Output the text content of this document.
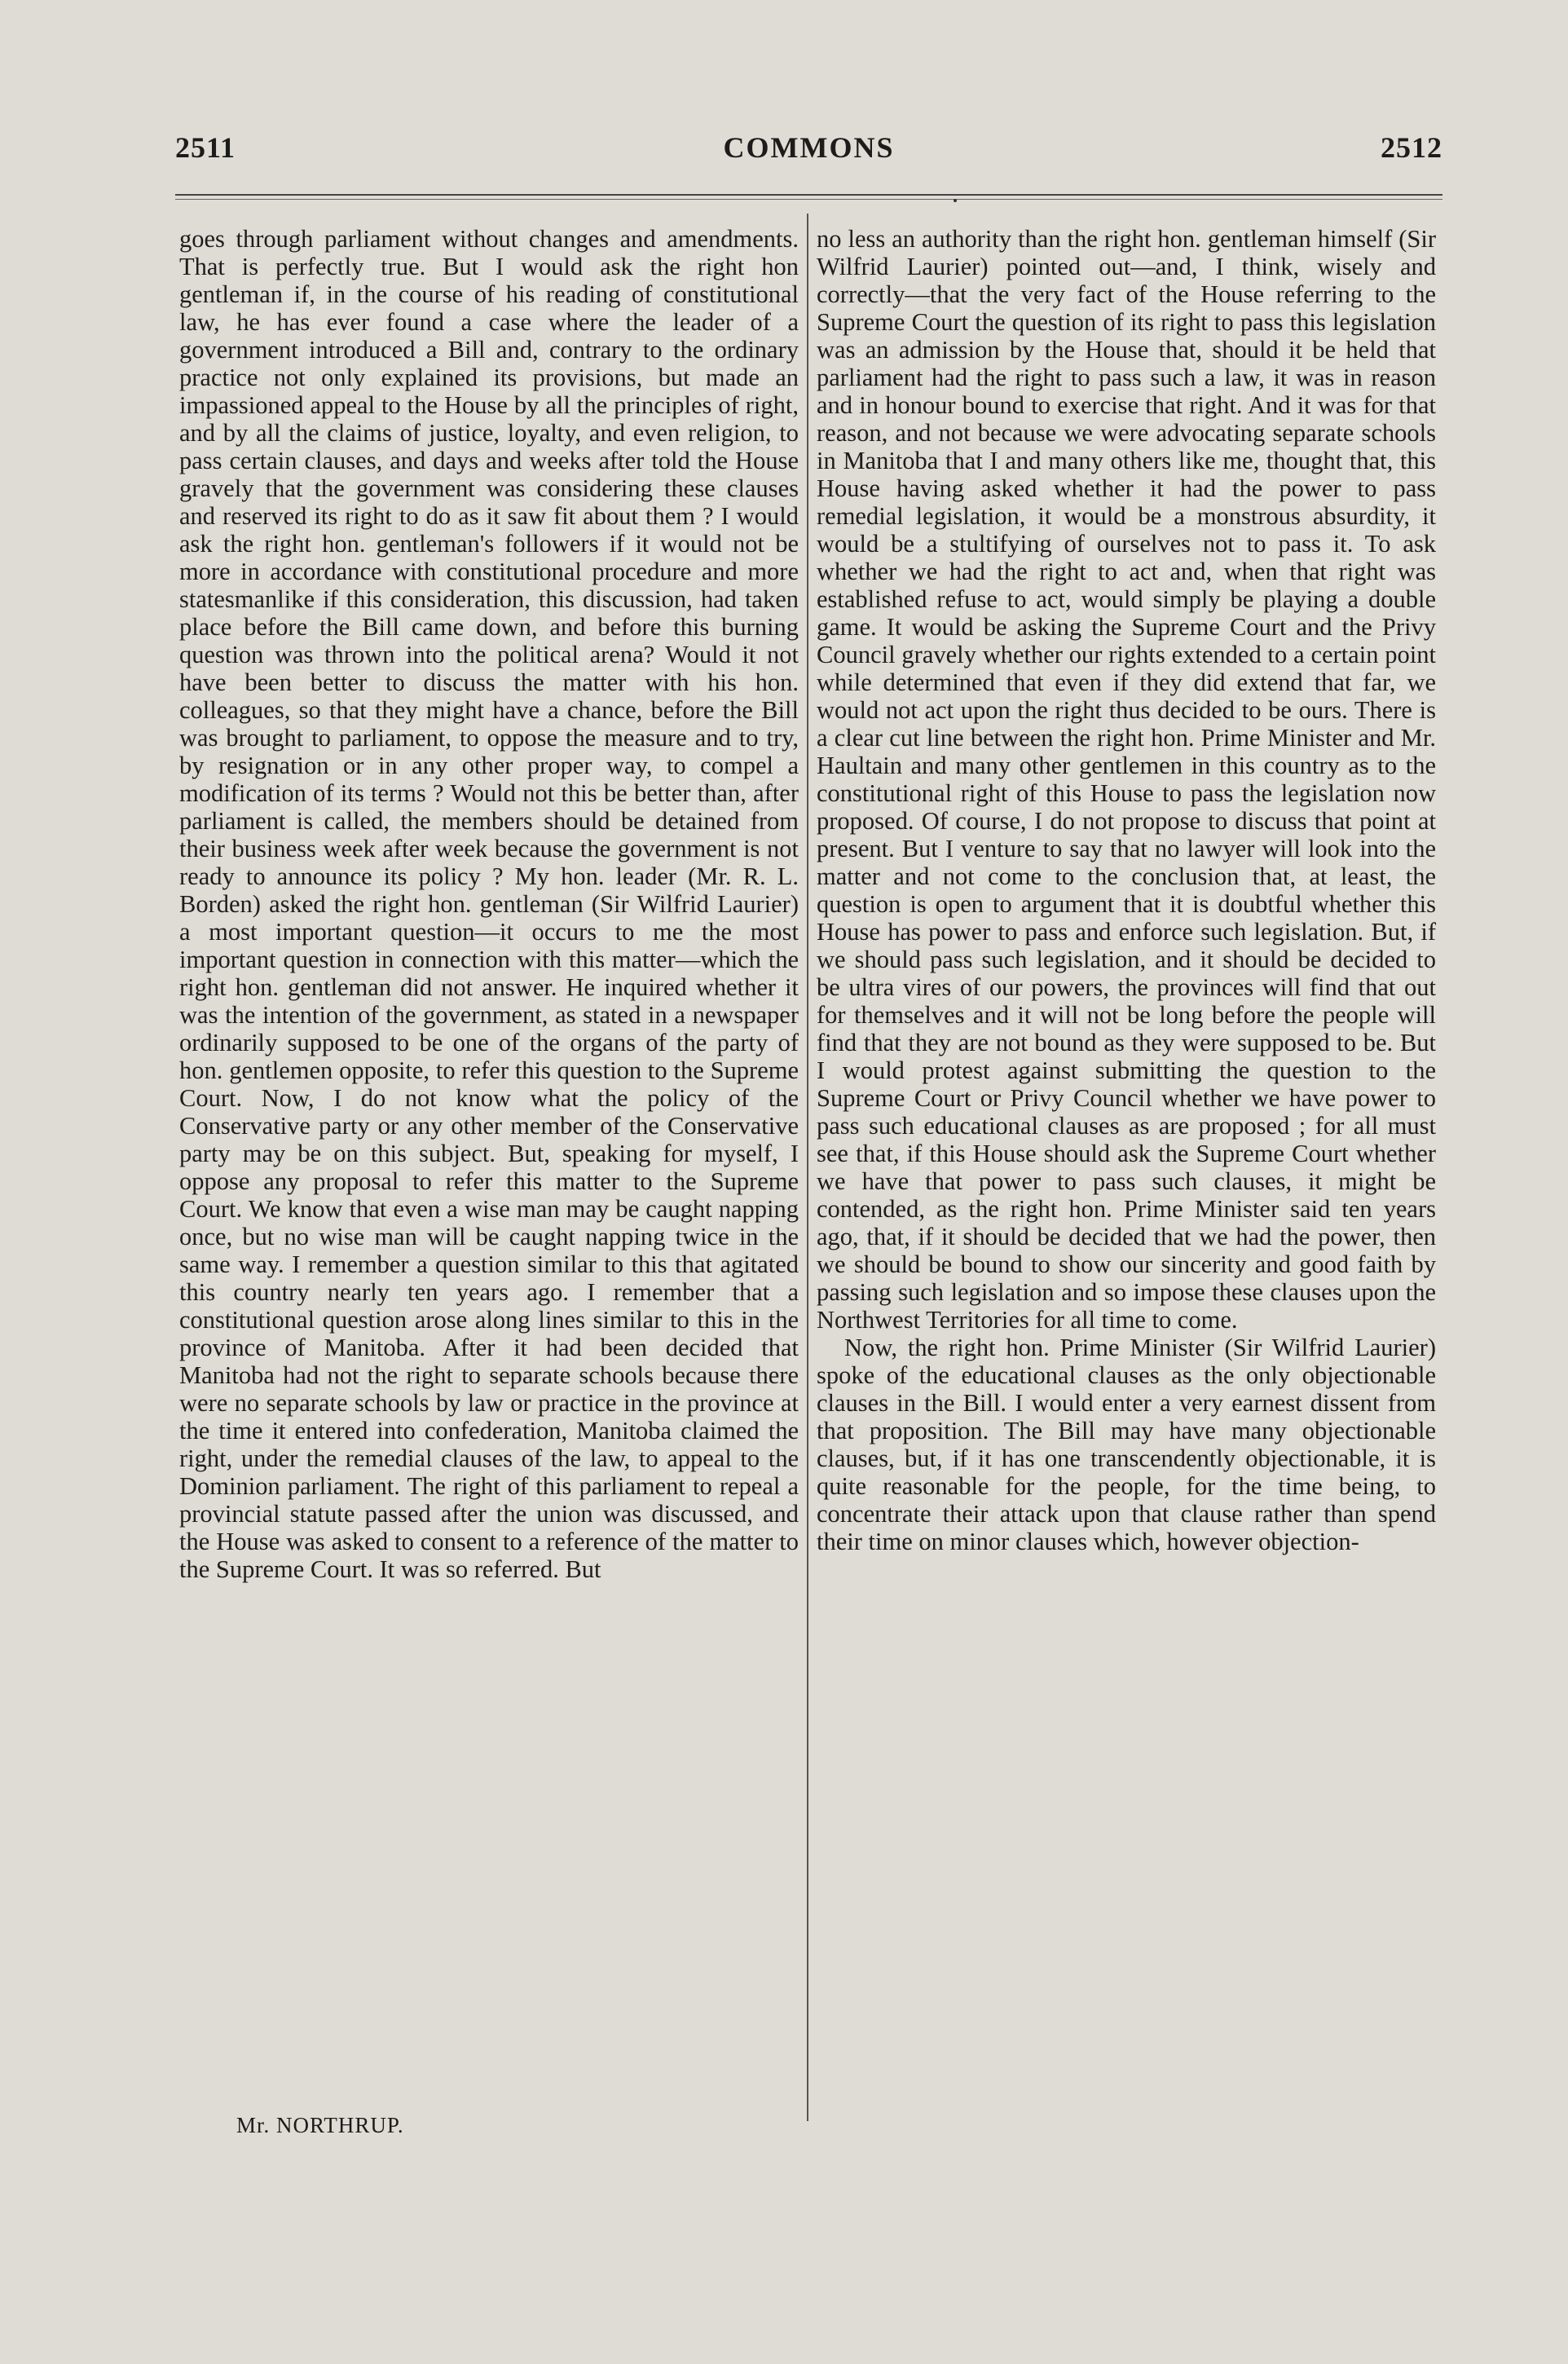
COMMONS
2511	2512

goes through parliament without changes and amendments. That is perfectly true. But I would ask the right hon gentleman if, in the course of his reading of constitutional law, he has ever found a case where the leader of a government introduced a Bill and, contrary to the ordinary practice not only explained its provisions, but made an impassioned appeal to the House by all the principles of right, and by all the claims of justice, loyalty, and even religion, to pass certain clauses, and days and weeks after told the House gravely that the government was considering these clauses and reserved its right to do as it saw fit about them ? I would ask the right hon. gentleman's followers if it would not be more in accordance with constitutional procedure and more statesmanlike if this consideration, this discussion, had taken place before the Bill came down, and before this burning question was thrown into the political arena? Would it not have been better to discuss the matter with his hon. colleagues, so that they might have a chance, before the Bill was brought to parliament, to oppose the measure and to try, by resignation or in any other proper way, to compel a modification of its terms ? Would not this be better than, after parliament is called, the members should be detained from their business week after week because the government is not ready to announce its policy ? My hon. leader (Mr. R. L. Borden) asked the right hon. gentleman (Sir Wilfrid Laurier) a most important question—it occurs to me the most important question in connection with this matter—which the right hon. gentleman did not answer. He inquired whether it was the intention of the government, as stated in a newspaper ordinarily supposed to be one of the organs of the party of hon. gentlemen opposite, to refer this question to the Supreme Court. Now, I do not know what the policy of the Conservative party or any other member of the Conservative party may be on this subject. But, speaking for myself, I oppose any proposal to refer this matter to the Supreme Court. We know that even a wise man may be caught napping once, but no wise man will be caught napping twice in the same way. I remember a question similar to this that agitated this country nearly ten years ago. I remember that a constitutional question arose along lines similar to this in the province of Manitoba. After it had been decided that Manitoba had not the right to separate schools because there were no separate schools by law or practice in the province at the time it entered into confederation, Manitoba claimed the right, under the remedial clauses of the law, to appeal to the Dominion parliament. The right of this parliament to repeal a provincial statute passed after the union was discussed, and the House was asked to consent to a reference of the matter to the Supreme Court. It was so referred. But

no less an authority than the right hon. gentleman himself (Sir Wilfrid Laurier) pointed out—and, I think, wisely and correctly—that the very fact of the House referring to the Supreme Court the question of its right to pass this legislation was an admission by the House that, should it be held that parliament had the right to pass such a law, it was in reason and in honour bound to exercise that right. And it was for that reason, and not because we were advocating separate schools in Manitoba that I and many others like me, thought that, this House having asked whether it had the power to pass remedial legislation, it would be a monstrous absurdity, it would be a stultifying of ourselves not to pass it. To ask whether we had the right to act and, when that right was established refuse to act, would simply be playing a double game. It would be asking the Supreme Court and the Privy Council gravely whether our rights extended to a certain point while determined that even if they did extend that far, we would not act upon the right thus decided to be ours. There is a clear cut line between the right hon. Prime Minister and Mr. Haultain and many other gentlemen in this country as to the constitutional right of this House to pass the legislation now proposed. Of course, I do not propose to discuss that point at present. But I venture to say that no lawyer will look into the matter and not come to the conclusion that, at least, the question is open to argument that it is doubtful whether this House has power to pass and enforce such legislation. But, if we should pass such legislation, and it should be decided to be ultra vires of our powers, the provinces will find that out for themselves and it will not be long before the people will find that they are not bound as they were supposed to be. But I would protest against submitting the question to the Supreme Court or Privy Council whether we have power to pass such educational clauses as are proposed ; for all must see that, if this House should ask the Supreme Court whether we have that power to pass such clauses, it might be contended, as the right hon. Prime Minister said ten years ago, that, if it should be decided that we had the power, then we should be bound to show our sincerity and good faith by passing such legislation and so impose these clauses upon the Northwest Territories for all time to come.

Now, the right hon. Prime Minister (Sir Wilfrid Laurier) spoke of the educational clauses as the only objectionable clauses in the Bill. I would enter a very earnest dissent from that proposition. The Bill may have many objectionable clauses, but, if it has one transcendently objectionable, it is quite reasonable for the people, for the time being, to concentrate their attack upon that clause rather than spend their time on minor clauses which, however objection-

Mr. NORTHRUP.
